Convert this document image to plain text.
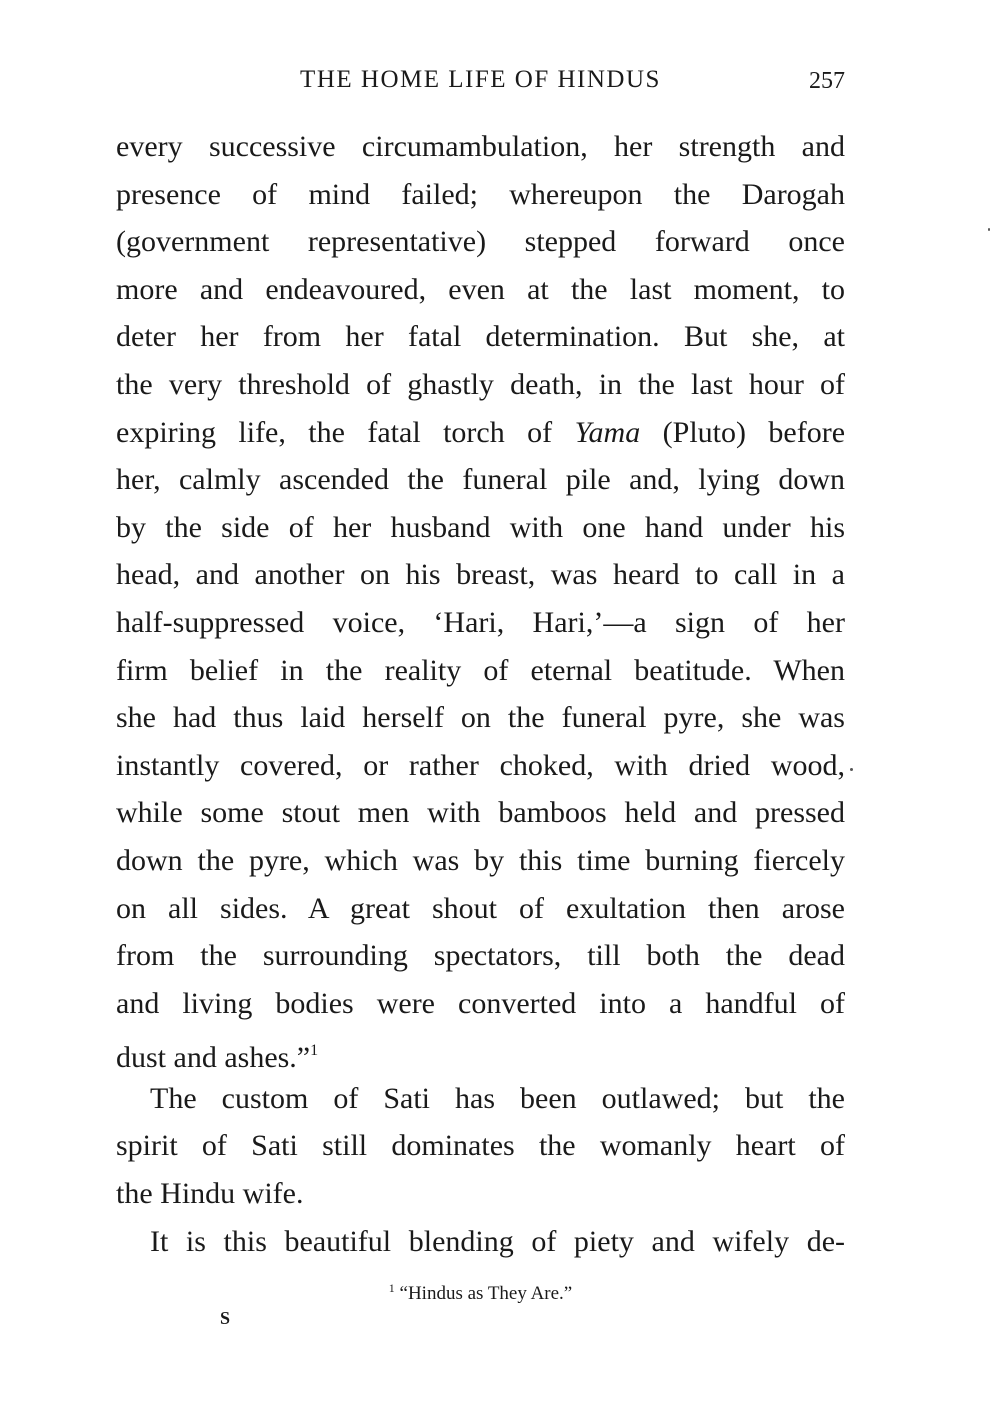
THE HOME LIFE OF HINDUS	257
every successive circumambulation, her strength and
presence of mind failed; whereupon the Darogah
(government representative) stepped forward once
more and endeavoured, even at the last moment, to
deter her from her fatal determination. But she, at
the very threshold of ghastly death, in the last hour of
expiring life, the fatal torch of Yama (Pluto) before
her, calmly ascended the funeral pile and, lying down
by the side of her husband with one hand under his
head, and another on his breast, was heard to call in a
half-suppressed voice, ‘Hari, Hari,’—a sign of her
firm belief in the reality of eternal beatitude. When
she had thus laid herself on the funeral pyre, she was
instantly covered, or rather choked, with dried wood,
while some stout men with bamboos held and pressed
down the pyre, which was by this time burning fiercely
on all sides. A great shout of exultation then arose
from the surrounding spectators, till both the dead
and living bodies were converted into a handful of
dust and ashes.”$^1$
The custom of Sati has been outlawed; but the
spirit of Sati still dominates the womanly heart of
the Hindu wife.
It is this beautiful blending of piety and wifely de-
$^1$ “Hindus as They Are.”
S
